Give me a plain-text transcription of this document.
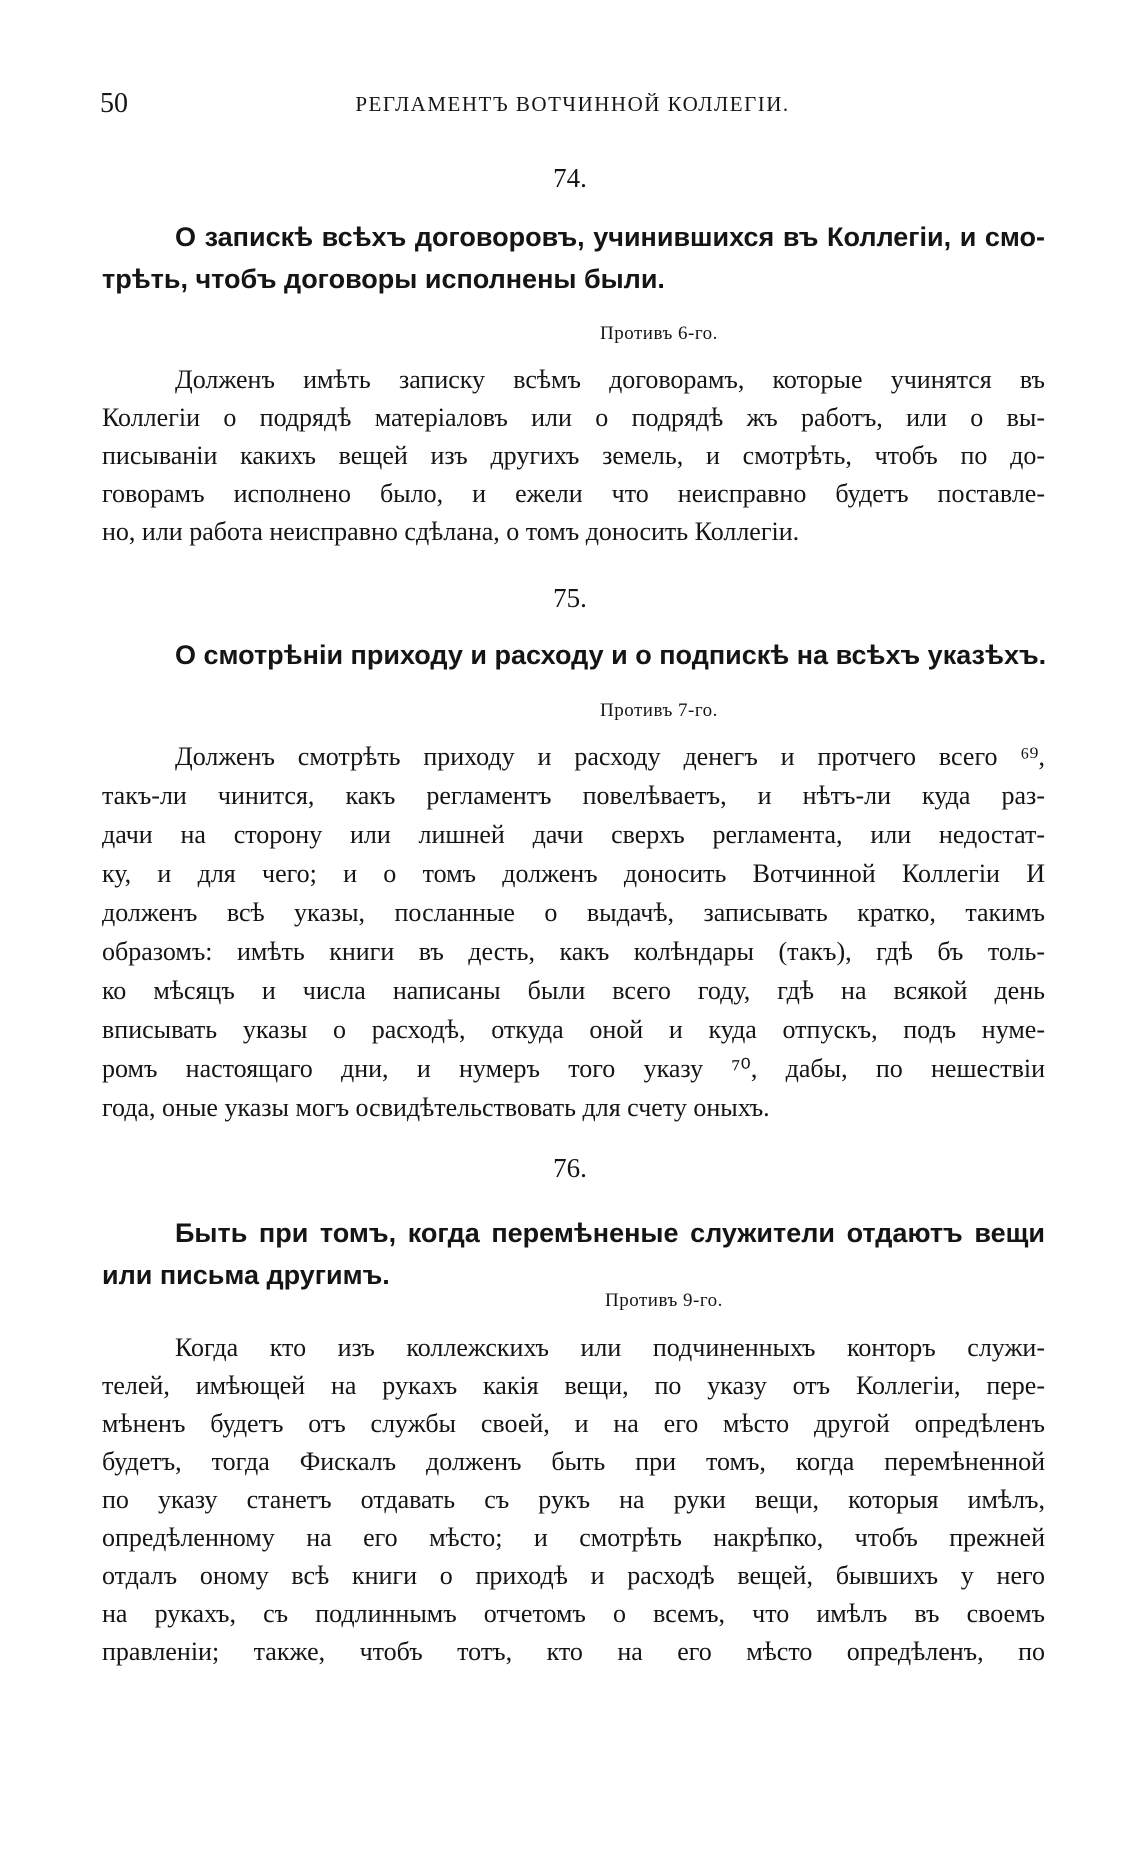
50	РЕГЛАМЕНТЪ ВОТЧИННОЙ КОЛЛЕГІИ.
74.
О запискѣ всѣхъ договоровъ, учинившихся въ Коллегіи, и смо-
трѣть, чтобъ договоры исполнены были.
Противъ 6-го.
Долженъ имѣть записку всѣмъ договорамъ, которые учинятся въ
Коллегіи о подрядѣ матеріаловъ или о подрядѣ жъ работъ, или о вы-
писываніи какихъ вещей изъ другихъ земель, и смотрѣть, чтобъ по до-
говорамъ исполнено было, и ежели что неисправно будетъ поставле-
но, или работа неисправно сдѣлана, о томъ доносить Коллегіи.
75.
О смотрѣніи приходу и расходу и о подпискѣ на всѣхъ указѣхъ.
Противъ 7-го.
Долженъ смотрѣть приходу и расходу денегъ и протчего всего ⁶⁹,
такъ-ли чинится, какъ регламентъ повелѣваетъ, и нѣтъ-ли куда раз-
дачи на сторону или лишней дачи сверхъ регламента, или недостат-
ку, и для чего; и о томъ долженъ доносить Вотчинной Коллегіи И
долженъ всѣ указы, посланные о выдачѣ, записывать кратко, такимъ
образомъ: имѣть книги въ десть, какъ колѣндары (такъ), гдѣ бъ толь-
ко мѣсяцъ и числа написаны были всего году, гдѣ на всякой день
вписывать указы о расходѣ, откуда оной и куда отпускъ, подъ нуме-
ромъ настоящаго дни, и нумеръ того указу ⁷⁰, дабы, по нешествіи
года, оные указы могъ освидѣтельствовать для счету оныхъ.
76.
Быть при томъ, когда перемѣненые служители отдаютъ вещи
или письма другимъ.
Противъ 9-го.
Когда кто изъ коллежскихъ или подчиненныхъ конторъ служи-
телей, имѣющей на рукахъ какія вещи, по указу отъ Коллегіи, пере-
мѣненъ будетъ отъ службы своей, и на его мѣсто другой опредѣленъ
будетъ, тогда Фискалъ долженъ быть при томъ, когда перемѣненной
по указу станетъ отдавать съ рукъ на руки вещи, которыя имѣлъ,
опредѣленному на его мѣсто; и смотрѣть накрѣпко, чтобъ прежней
отдалъ оному всѣ книги о приходѣ и расходѣ вещей, бывшихъ у него
на рукахъ, съ подлиннымъ отчетомъ о всемъ, что имѣлъ въ своемъ
правленіи; также, чтобъ тотъ, кто на его мѣсто опредѣленъ, по
